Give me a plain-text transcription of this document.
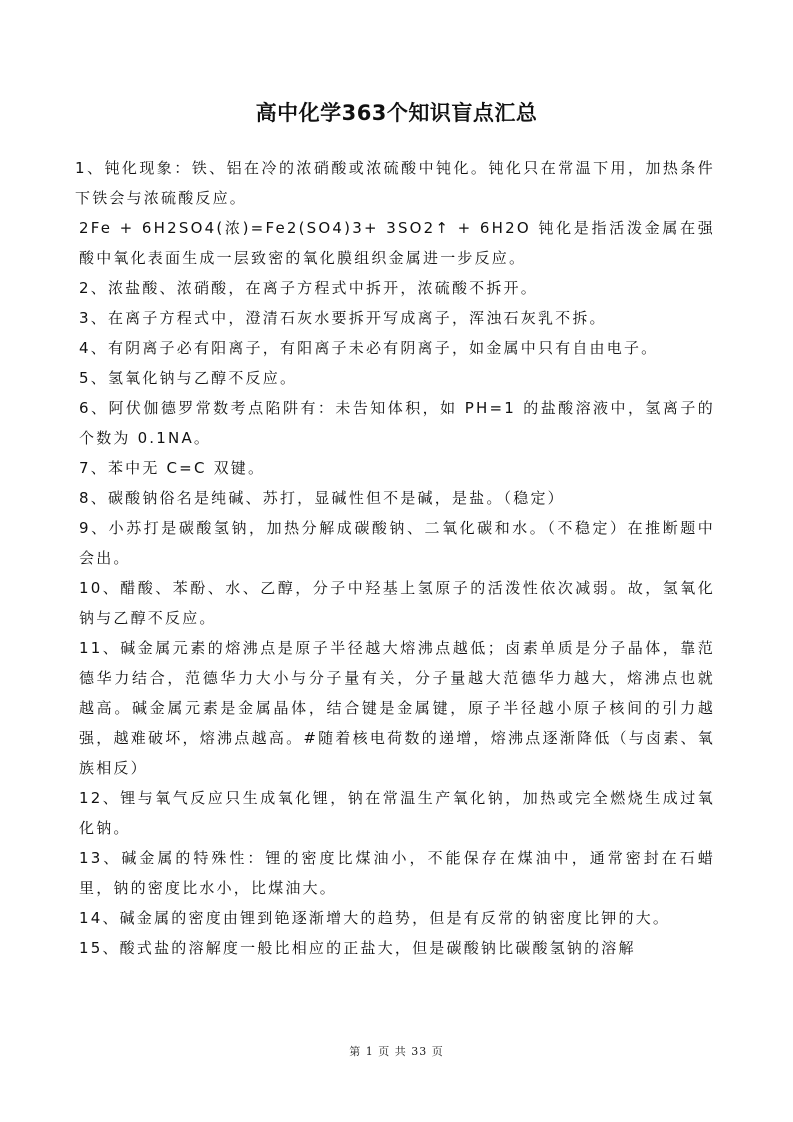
高中化学363个知识盲点汇总

1、钝化现象：铁、铝在冷的浓硝酸或浓硫酸中钝化。钝化只在常温下用，加热条件下铁会与浓硫酸反应。

2Fe + 6H2SO4(浓)=Fe2(SO4)3+ 3SO2↑ + 6H2O 钝化是指活泼金属在强酸中氧化表面生成一层致密的氧化膜组织金属进一步反应。

2、浓盐酸、浓硝酸，在离子方程式中拆开，浓硫酸不拆开。

3、在离子方程式中，澄清石灰水要拆开写成离子，浑浊石灰乳不拆。

4、有阴离子必有阳离子，有阳离子未必有阴离子，如金属中只有自由电子。

5、氢氧化钠与乙醇不反应。

6、阿伏伽德罗常数考点陷阱有：未告知体积，如 PH=1 的盐酸溶液中，氢离子的个数为 0.1NA。

7、苯中无 C=C 双键。

8、碳酸钠俗名是纯碱、苏打，显碱性但不是碱，是盐。（稳定）

9、小苏打是碳酸氢钠，加热分解成碳酸钠、二氧化碳和水。（不稳定）在推断题中会出。

10、醋酸、苯酚、水、乙醇，分子中羟基上氢原子的活泼性依次减弱。故，氢氧化钠与乙醇不反应。

11、碱金属元素的熔沸点是原子半径越大熔沸点越低；卤素单质是分子晶体，靠范德华力结合，范德华力大小与分子量有关，分子量越大范德华力越大，熔沸点也就越高。碱金属元素是金属晶体，结合键是金属键，原子半径越小原子核间的引力越强，越难破坏，熔沸点越高。#随着核电荷数的递增，熔沸点逐渐降低（与卤素、氧族相反）

12、锂与氧气反应只生成氧化锂，钠在常温生产氧化钠，加热或完全燃烧生成过氧化钠。

13、碱金属的特殊性：锂的密度比煤油小，不能保存在煤油中，通常密封在石蜡里，钠的密度比水小，比煤油大。

14、碱金属的密度由锂到铯逐渐增大的趋势，但是有反常的钠密度比钾的大。

15、酸式盐的溶解度一般比相应的正盐大，但是碳酸钠比碳酸氢钠的溶解

第 1 页 共 33 页
